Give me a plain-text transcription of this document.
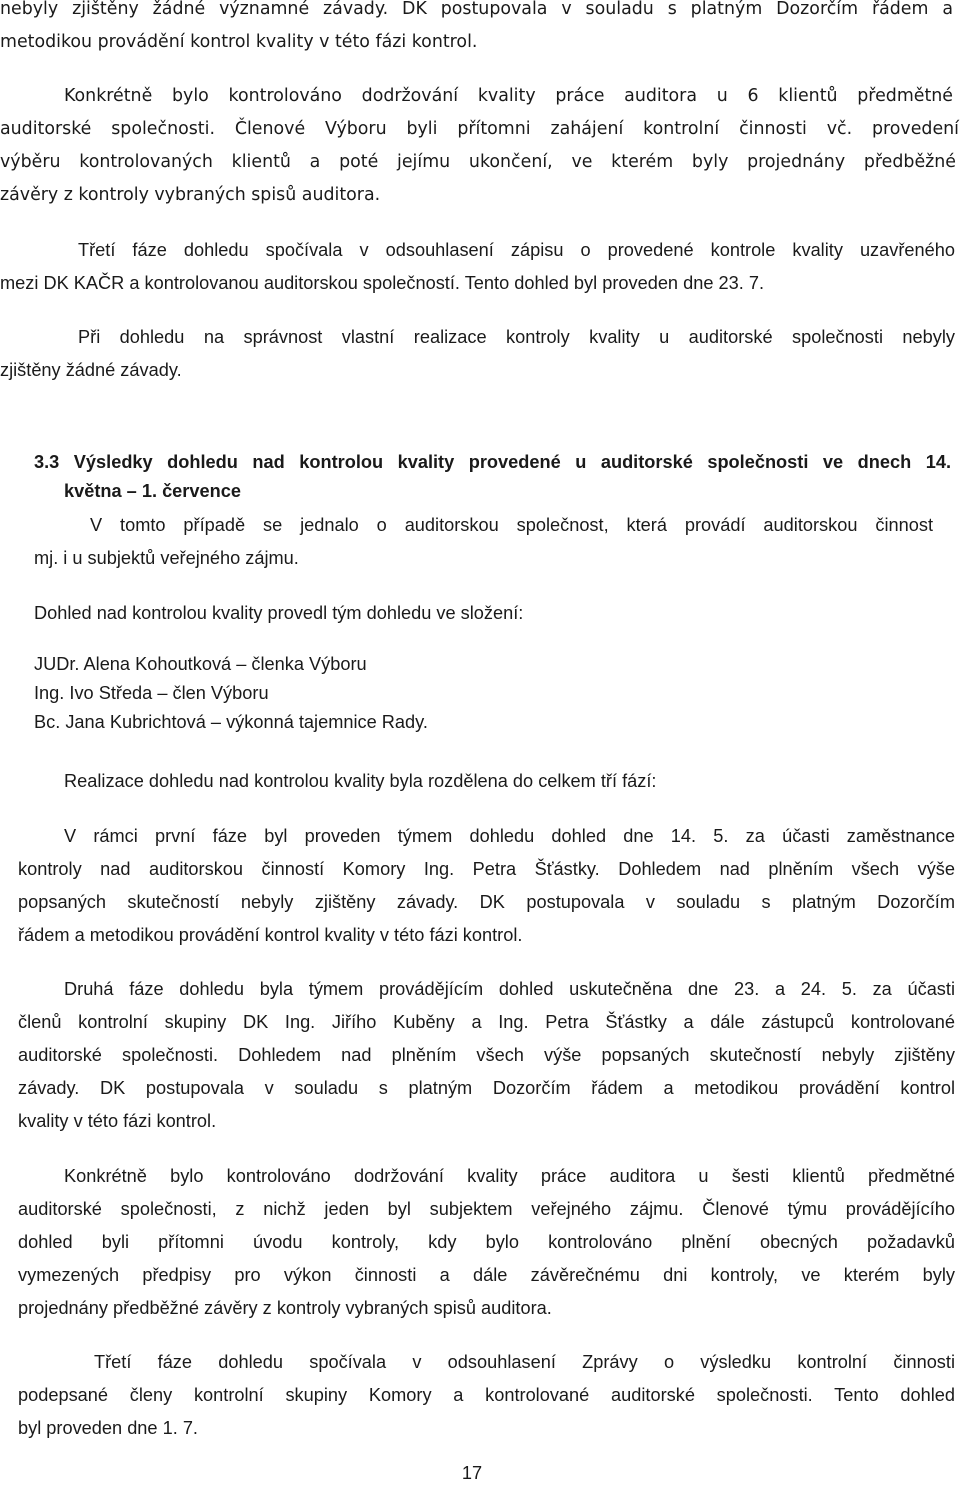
nebyly zjištěny žádné významné závady. DK postupovala v souladu s platným Dozorčím řádem a
metodikou provádění kontrol kvality v této fázi kontrol.
Konkrétně bylo kontrolováno dodržování kvality práce auditora u 6 klientů předmětné
auditorské společnosti. Členové Výboru byli přítomni zahájení kontrolní činnosti vč. provedení
výběru kontrolovaných klientů a poté jejímu ukončení, ve kterém byly projednány předběžné
závěry z kontroly vybraných spisů auditora.
Třetí fáze dohledu spočívala v odsouhlasení zápisu o provedené kontrole kvality uzavřeného
mezi DK KAČR a kontrolovanou auditorskou společností. Tento dohled byl proveden dne 23. 7.
Při dohledu na správnost vlastní realizace kontroly kvality u auditorské společnosti nebyly
zjištěny žádné závady.
3.3 Výsledky dohledu nad kontrolou kvality provedené u auditorské společnosti ve dnech 14.
května – 1. července
V tomto případě se jednalo o auditorskou společnost, která provádí auditorskou činnost
mj. i u subjektů veřejného zájmu.
Dohled nad kontrolou kvality provedl tým dohledu ve složení:
JUDr. Alena Kohoutková – členka Výboru
Ing. Ivo Středa – člen Výboru
Bc. Jana Kubrichtová – výkonná tajemnice Rady.
Realizace dohledu nad kontrolou kvality byla rozdělena do celkem tří fází:
V rámci první fáze byl proveden týmem dohledu dohled dne 14. 5. za účasti zaměstnance
kontroly nad auditorskou činností Komory Ing. Petra Šťástky. Dohledem nad plněním všech výše
popsaných skutečností nebyly zjištěny závady. DK postupovala v souladu s platným Dozorčím
řádem a metodikou provádění kontrol kvality v této fázi kontrol.
Druhá fáze dohledu byla týmem provádějícím dohled uskutečněna dne 23. a 24. 5. za účasti
členů kontrolní skupiny DK Ing. Jiřího Kuběny a Ing. Petra Šťástky a dále zástupců kontrolované
auditorské společnosti. Dohledem nad plněním všech výše popsaných skutečností nebyly zjištěny
závady. DK postupovala v souladu s platným Dozorčím řádem a metodikou provádění kontrol
kvality v této fázi kontrol.
Konkrétně bylo kontrolováno dodržování kvality práce auditora u šesti klientů předmětné
auditorské společnosti, z nichž jeden byl subjektem veřejného zájmu. Členové týmu provádějícího
dohled byli přítomni úvodu kontroly, kdy bylo kontrolováno plnění obecných požadavků
vymezených předpisy pro výkon činnosti a dále závěrečnému dni kontroly, ve kterém byly
projednány předběžné závěry z kontroly vybraných spisů auditora.
Třetí fáze dohledu spočívala v odsouhlasení Zprávy o výsledku kontrolní činnosti
podepsané členy kontrolní skupiny Komory a kontrolované auditorské společnosti. Tento dohled
byl proveden dne 1. 7.
17
